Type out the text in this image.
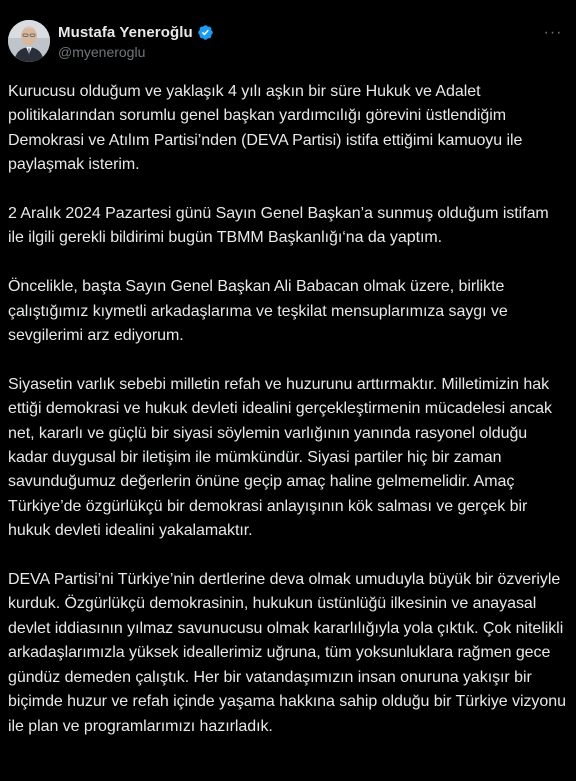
Mustafa Yeneroğlu
@myeneroglu
···

Kurucusu olduğum ve yaklaşık 4 yılı aşkın bir süre Hukuk ve Adalet politikalarından sorumlu genel başkan yardımcılığı görevini üstlendiğim Demokrasi ve Atılım Partisi’nden (DEVA Partisi) istifa ettiğimi kamuoyu ile paylaşmak isterim.

2 Aralık 2024 Pazartesi günü Sayın Genel Başkan’a sunmuş olduğum istifam ile ilgili gerekli bildirimi bugün TBMM Başkanlığı‘na da yaptım.

Öncelikle, başta Sayın Genel Başkan Ali Babacan olmak üzere, birlikte çalıştığımız kıymetli arkadaşlarıma ve teşkilat mensuplarımıza saygı ve sevgilerimi arz ediyorum.

Siyasetin varlık sebebi milletin refah ve huzurunu arttırmaktır. Milletimizin hak ettiği demokrasi ve hukuk devleti idealini gerçekleştirmenin mücadelesi ancak net, kararlı ve güçlü bir siyasi söylemin varlığının yanında rasyonel olduğu kadar duygusal bir iletişim ile mümkündür. Siyasi partiler hiç bir zaman savunduğumuz değerlerin önüne geçip amaç haline gelmemelidir. Amaç Türkiye’de özgürlükçü bir demokrasi anlayışının kök salması ve gerçek bir hukuk devleti idealini yakalamaktır.

DEVA Partisi’ni Türkiye’nin dertlerine deva olmak umuduyla büyük bir özveriyle kurduk. Özgürlükçü demokrasinin, hukukun üstünlüğü ilkesinin ve anayasal devlet iddiasının yılmaz savunucusu olmak kararlılığıyla yola çıktık. Çok nitelikli arkadaşlarımızla yüksek ideallerimiz uğruna, tüm yoksunluklara rağmen gece gündüz demeden çalıştık. Her bir vatandaşımızın insan onuruna yakışır bir biçimde huzur ve refah içinde yaşama hakkına sahip olduğu bir Türkiye vizyonu ile plan ve programlarımızı hazırladık.
